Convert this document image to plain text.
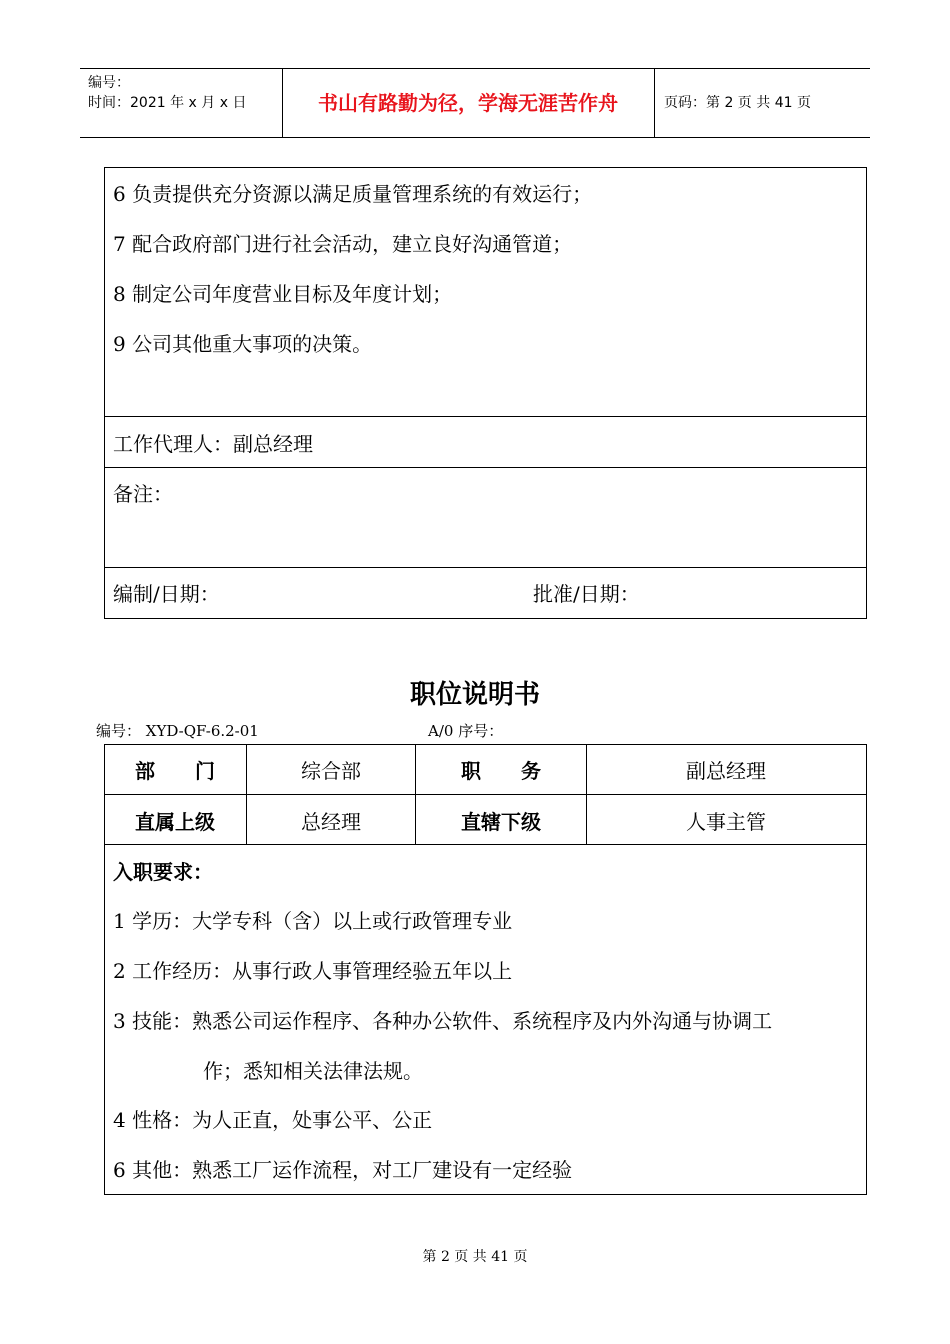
编号：
时间：2021 年 x 月 x 日	书山有路勤为径，学海无涯苦作舟	页码：第 2 页 共 41 页
6 负责提供充分资源以满足质量管理系统的有效运行；
7 配合政府部门进行社会活动，建立良好沟通管道；
8 制定公司年度营业目标及年度计划；
9 公司其他重大事项的决策。
工作代理人：副总经理
备注：
编制/日期：	批准/日期：
职位说明书
编号： XYD-QF-6.2-01	A/0 序号：
部　　门	综合部	职　　务	副总经理
直属上级	总经理	直辖下级	人事主管
入职要求：
1 学历：大学专科（含）以上或行政管理专业
2 工作经历：从事行政人事管理经验五年以上
3 技能：熟悉公司运作程序、各种办公软件、系统程序及内外沟通与协调工
作；悉知相关法律法规。
4 性格：为人正直，处事公平、公正
6 其他：熟悉工厂运作流程，对工厂建设有一定经验
第 2 页 共 41 页
